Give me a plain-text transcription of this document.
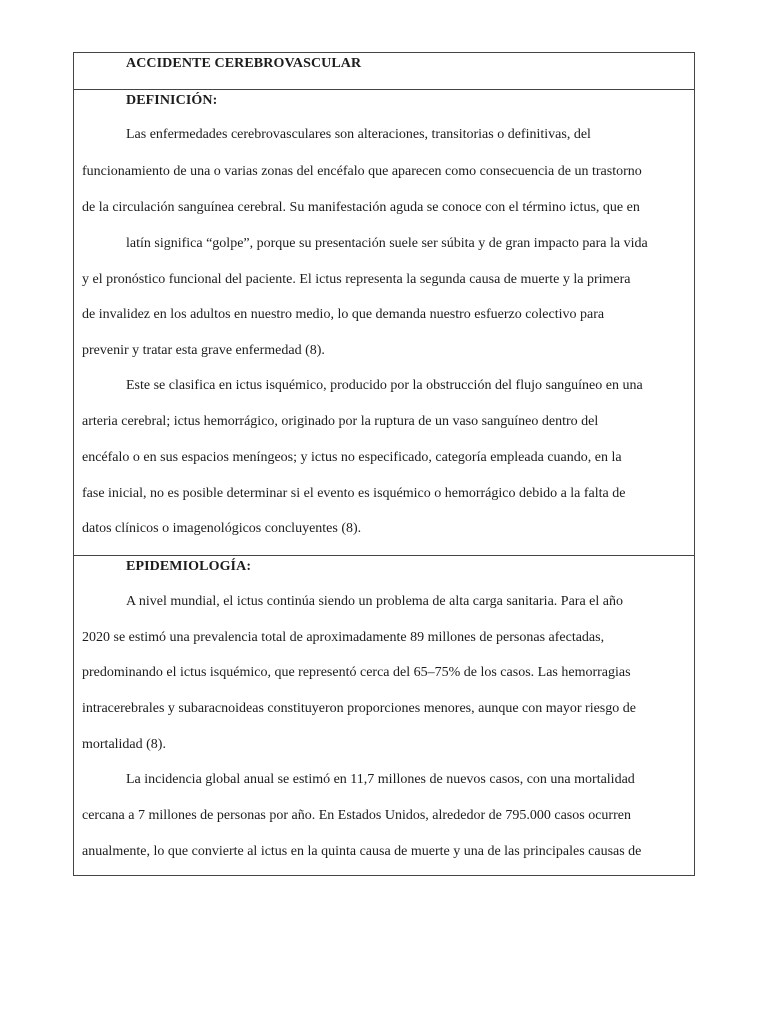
ACCIDENTE CEREBROVASCULAR
DEFINICIÓN:
Las enfermedades cerebrovasculares son alteraciones, transitorias o definitivas, del
funcionamiento de una o varias zonas del encéfalo que aparecen como consecuencia de un trastorno
de la circulación sanguínea cerebral. Su manifestación aguda se conoce con el término ictus, que en
latín significa “golpe”, porque su presentación suele ser súbita y de gran impacto para la vida
y el pronóstico funcional del paciente. El ictus representa la segunda causa de muerte y la primera
de invalidez en los adultos en nuestro medio, lo que demanda nuestro esfuerzo colectivo para
prevenir y tratar esta grave enfermedad (8).
Este se clasifica en ictus isquémico, producido por la obstrucción del flujo sanguíneo en una
arteria cerebral; ictus hemorrágico, originado por la ruptura de un vaso sanguíneo dentro del
encéfalo o en sus espacios meníngeos; y ictus no especificado, categoría empleada cuando, en la
fase inicial, no es posible determinar si el evento es isquémico o hemorrágico debido a la falta de
datos clínicos o imagenológicos concluyentes (8).
EPIDEMIOLOGÍA:
A nivel mundial, el ictus continúa siendo un problema de alta carga sanitaria. Para el año
2020 se estimó una prevalencia total de aproximadamente 89 millones de personas afectadas,
predominando el ictus isquémico, que representó cerca del 65–75% de los casos. Las hemorragias
intracerebrales y subaracnoideas constituyeron proporciones menores, aunque con mayor riesgo de
mortalidad (8).
La incidencia global anual se estimó en 11,7 millones de nuevos casos, con una mortalidad
cercana a 7 millones de personas por año. En Estados Unidos, alrededor de 795.000 casos ocurren
anualmente, lo que convierte al ictus en la quinta causa de muerte y una de las principales causas de
